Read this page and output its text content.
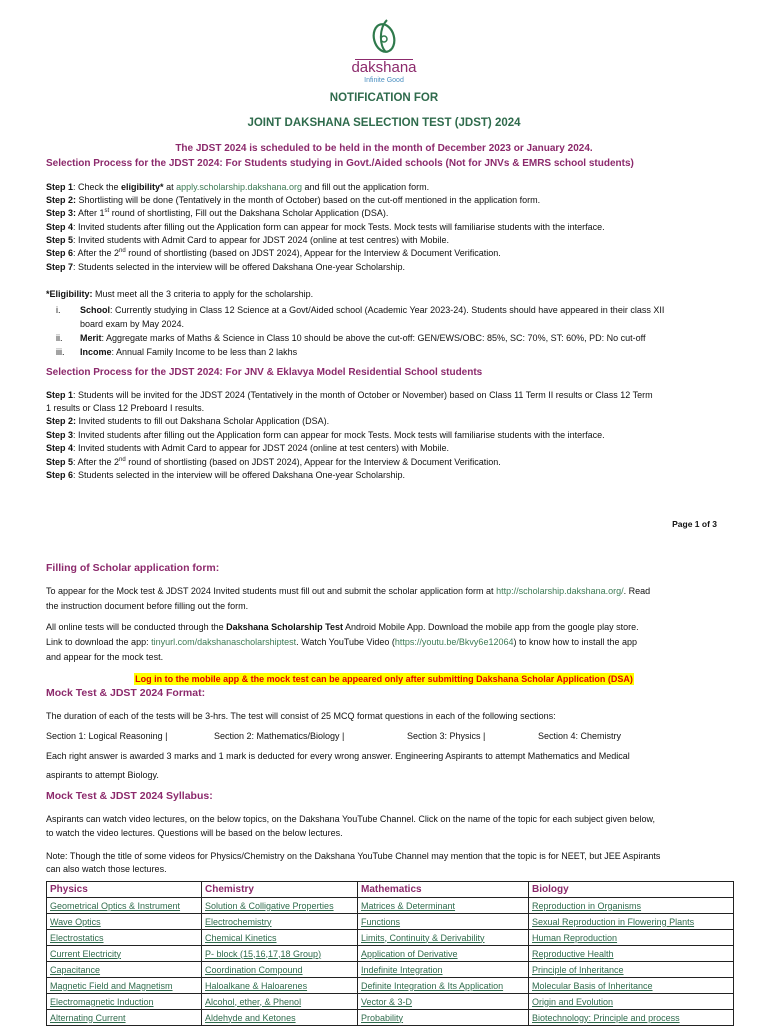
dakshana
Infinite Good
NOTIFICATION FOR
JOINT DAKSHANA SELECTION TEST (JDST) 2024
The JDST 2024 is scheduled to be held in the month of December 2023 or January 2024.
Selection Process for the JDST 2024: For Students studying in Govt./Aided schools (Not for JNVs & EMRS school students)
Step 1: Check the eligibility* at apply.scholarship.dakshana.org and fill out the application form.
Step 2: Shortlisting will be done (Tentatively in the month of October) based on the cut-off mentioned in the application form.
Step 3: After 1st round of shortlisting, Fill out the Dakshana Scholar Application (DSA).
Step 4: Invited students after filling out the Application form can appear for mock Tests. Mock tests will familiarise students with the interface.
Step 5: Invited students with Admit Card to appear for JDST 2024 (online at test centres) with Mobile.
Step 6: After the 2nd round of shortlisting (based on JDST 2024), Appear for the Interview & Document Verification.
Step 7: Students selected in the interview will be offered Dakshana One-year Scholarship.
*Eligibility: Must meet all the 3 criteria to apply for the scholarship.
i. School: Currently studying in Class 12 Science at a Govt/Aided school (Academic Year 2023-24). Students should have appeared in their class XII
board exam by May 2024.
ii. Merit: Aggregate marks of Maths & Science in Class 10 should be above the cut-off: GEN/EWS/OBC: 85%, SC: 70%, ST: 60%, PD: No cut-off
iii. Income: Annual Family Income to be less than 2 lakhs
Selection Process for the JDST 2024: For JNV & Eklavya Model Residential School students
Step 1: Students will be invited for the JDST 2024 (Tentatively in the month of October or November) based on Class 11 Term II results or Class 12 Term
1 results or Class 12 Preboard I results.
Step 2: Invited students to fill out Dakshana Scholar Application (DSA).
Step 3: Invited students after filling out the Application form can appear for mock Tests. Mock tests will familiarise students with the interface.
Step 4: Invited students with Admit Card to appear for JDST 2024 (online at test centers) with Mobile.
Step 5: After the 2nd round of shortlisting (based on JDST 2024), Appear for the Interview & Document Verification.
Step 6: Students selected in the interview will be offered Dakshana One-year Scholarship.
Page 1 of 3
Filling of Scholar application form:
To appear for the Mock test & JDST 2024 Invited students must fill out and submit the scholar application form at http://scholarship.dakshana.org/. Read
the instruction document before filling out the form.
All online tests will be conducted through the Dakshana Scholarship Test Android Mobile App. Download the mobile app from the google play store.
Link to download the app: tinyurl.com/dakshanascholarshiptest. Watch YouTube Video (https://youtu.be/Bkvy6e12064) to know how to install the app
and appear for the mock test.
Log in to the mobile app & the mock test can be appeared only after submitting Dakshana Scholar Application (DSA)
Mock Test & JDST 2024 Format:
The duration of each of the tests will be 3-hrs. The test will consist of 25 MCQ format questions in each of the following sections:
Section 1: Logical Reasoning |	Section 2: Mathematics/Biology |	Section 3: Physics |	Section 4: Chemistry
Each right answer is awarded 3 marks and 1 mark is deducted for every wrong answer. Engineering Aspirants to attempt Mathematics and Medical
aspirants to attempt Biology.
Mock Test & JDST 2024 Syllabus:
Aspirants can watch video lectures, on the below topics, on the Dakshana YouTube Channel. Click on the name of the topic for each subject given below,
to watch the video lectures. Questions will be based on the below lectures.
Note: Though the title of some videos for Physics/Chemistry on the Dakshana YouTube Channel may mention that the topic is for NEET, but JEE Aspirants
can also watch those lectures.
Physics	Chemistry	Mathematics	Biology
Geometrical Optics & Instrument	Solution & Colligative Properties	Matrices & Determinant	Reproduction in Organisms
Wave Optics	Electrochemistry	Functions	Sexual Reproduction in Flowering Plants
Electrostatics	Chemical Kinetics	Limits, Continuity & Derivability	Human Reproduction
Current Electricity	P- block (15,16,17,18 Group)	Application of Derivative	Reproductive Health
Capacitance	Coordination Compound	Indefinite Integration	Principle of Inheritance
Magnetic Field and Magnetism	Haloalkane & Haloarenes	Definite Integration & Its Application	Molecular Basis of Inheritance
Electromagnetic Induction	Alcohol, ether, & Phenol	Vector & 3-D	Origin and Evolution
Alternating Current	Aldehyde and Ketones	Probability	Biotechnology: Principle and process
